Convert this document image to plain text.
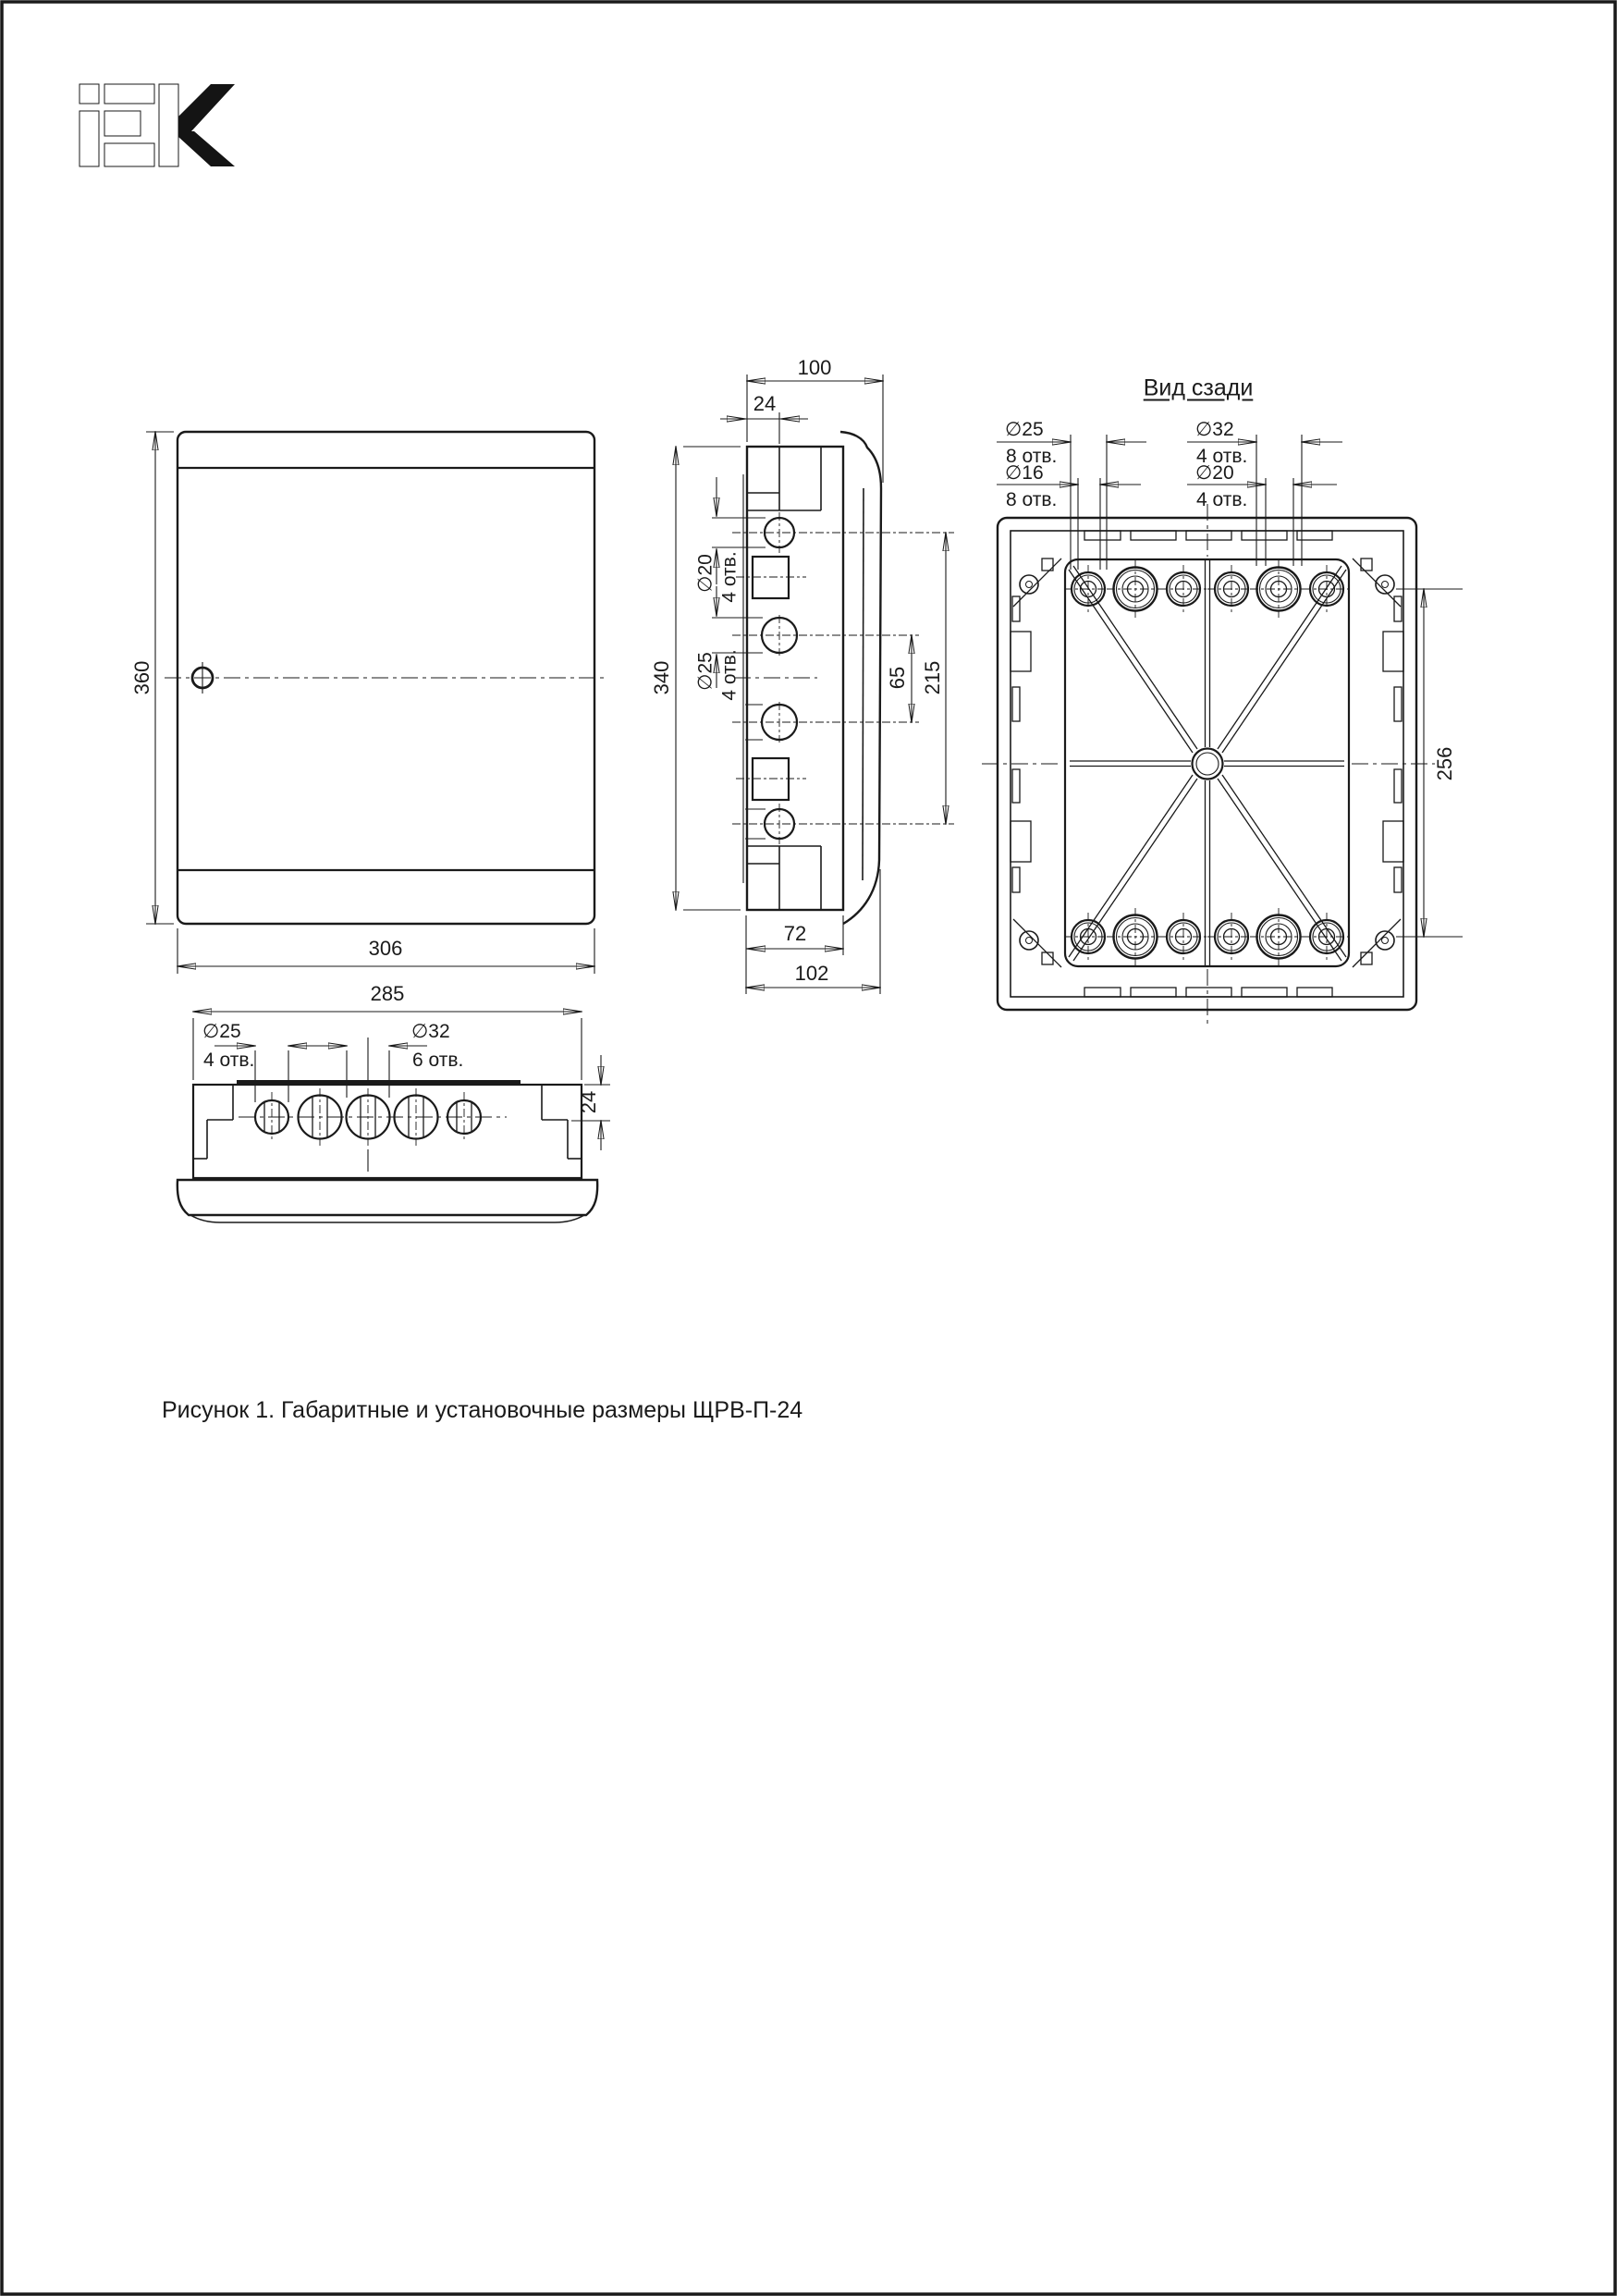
360
306
100
24
340
∅20 4 отв.
∅25 4 отв.	65 215
72
102
Вид сзади
∅25
8 отв.
∅16
8 отв.
∅32
4 отв.
∅20
4 отв.
256
285
∅25
4 отв.
∅32
6 отв.
24
Рисунок 1. Габаритные и установочные размеры ЩРВ-П-24
